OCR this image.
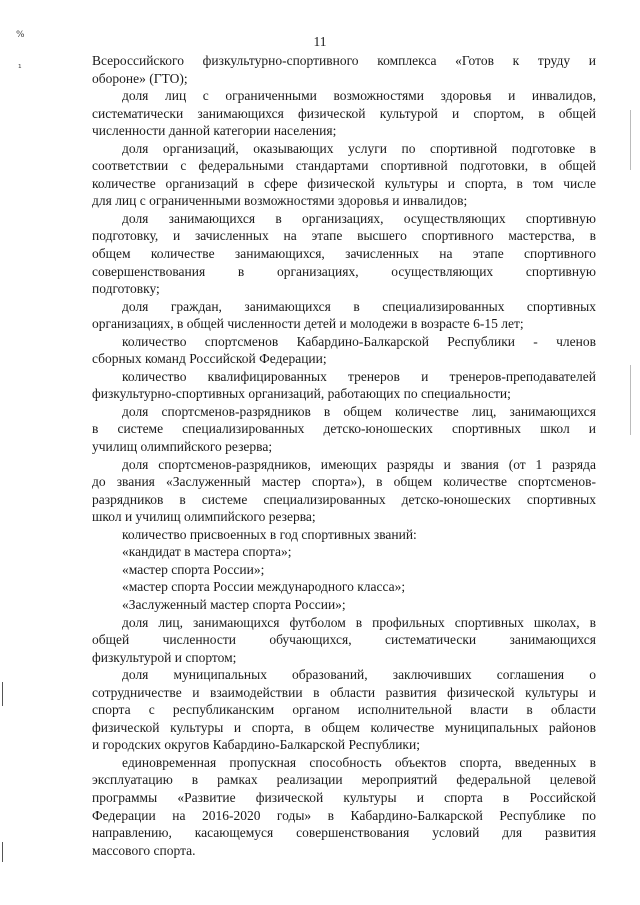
%
¹
11
Всероссийского физкультурно-спортивного комплекса «Готов к труду и
обороне» (ГТО);
доля лиц с ограниченными возможностями здоровья и инвалидов,
систематически занимающихся физической культурой и спортом, в общей
численности данной категории населения;
доля организаций, оказывающих услуги по спортивной подготовке в
соответствии с федеральными стандартами спортивной подготовки, в общей
количестве организаций в сфере физической культуры и спорта, в том числе
для лиц с ограниченными возможностями здоровья и инвалидов;
доля занимающихся в организациях, осуществляющих спортивную
подготовку, и зачисленных на этапе высшего спортивного мастерства, в
общем количестве занимающихся, зачисленных на этапе спортивного
совершенствования в организациях, осуществляющих спортивную
подготовку;
доля граждан, занимающихся в специализированных спортивных
организациях, в общей численности детей и молодежи в возрасте 6-15 лет;
количество спортсменов Кабардино-Балкарской Республики - членов
сборных команд Российской Федерации;
количество квалифицированных тренеров и тренеров-преподавателей
физкультурно-спортивных организаций, работающих по специальности;
доля спортсменов-разрядников в общем количестве лиц, занимающихся
в системе специализированных детско-юношеских спортивных школ и
училищ олимпийского резерва;
доля спортсменов-разрядников, имеющих разряды и звания (от 1 разряда
до звания «Заслуженный мастер спорта»), в общем количестве спортсменов-
разрядников в системе специализированных детско-юношеских спортивных
школ и училищ олимпийского резерва;
количество присвоенных в год спортивных званий:
«кандидат в мастера спорта»;
«мастер спорта России»;
«мастер спорта России международного класса»;
«Заслуженный мастер спорта России»;
доля лиц, занимающихся футболом в профильных спортивных школах, в
общей численности обучающихся, систематически занимающихся
физкультурой и спортом;
доля муниципальных образований, заключивших соглашения о
сотрудничестве и взаимодействии в области развития физической культуры и
спорта с республиканским органом исполнительной власти в области
физической культуры и спорта, в общем количестве муниципальных районов
и городских округов Кабардино-Балкарской Республики;
единовременная пропускная способность объектов спорта, введенных в
эксплуатацию в рамках реализации мероприятий федеральной целевой
программы «Развитие физической культуры и спорта в Российской
Федерации на 2016-2020 годы» в Кабардино-Балкарской Республике по
направлению, касающемуся совершенствования условий для развития
массового спорта.
